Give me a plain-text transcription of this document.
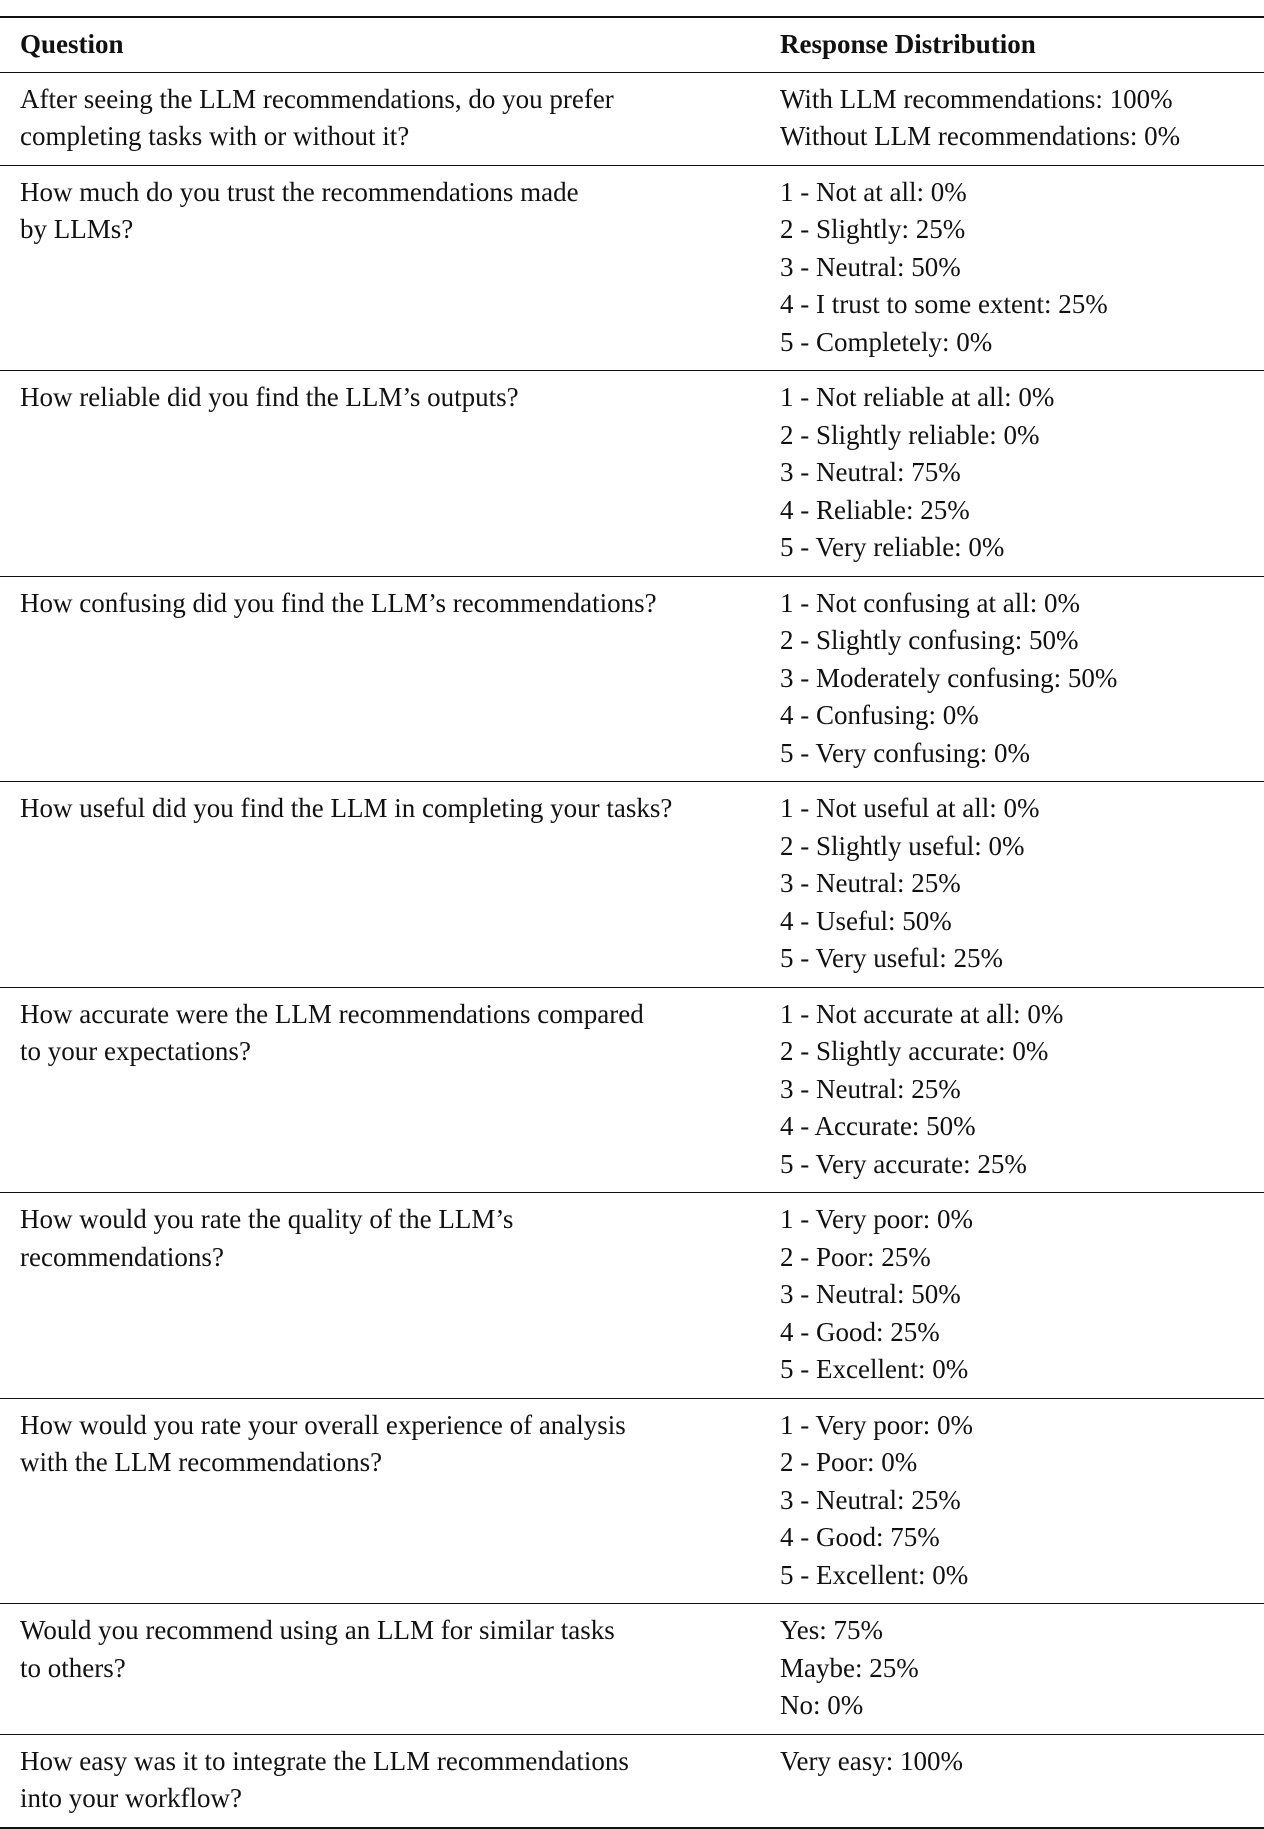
Question	Response Distribution

After seeing the LLM recommendations, do you prefer
completing tasks with or without it?	With LLM recommendations: 100%
Without LLM recommendations: 0%

How much do you trust the recommendations made
by LLMs?	1 - Not at all: 0%
2 - Slightly: 25%
3 - Neutral: 50%
4 - I trust to some extent: 25%
5 - Completely: 0%

How reliable did you find the LLM’s outputs?	1 - Not reliable at all: 0%
2 - Slightly reliable: 0%
3 - Neutral: 75%
4 - Reliable: 25%
5 - Very reliable: 0%

How confusing did you find the LLM’s recommendations?	1 - Not confusing at all: 0%
2 - Slightly confusing: 50%
3 - Moderately confusing: 50%
4 - Confusing: 0%
5 - Very confusing: 0%

How useful did you find the LLM in completing your tasks?	1 - Not useful at all: 0%
2 - Slightly useful: 0%
3 - Neutral: 25%
4 - Useful: 50%
5 - Very useful: 25%

How accurate were the LLM recommendations compared
to your expectations?	1 - Not accurate at all: 0%
2 - Slightly accurate: 0%
3 - Neutral: 25%
4 - Accurate: 50%
5 - Very accurate: 25%

How would you rate the quality of the LLM’s
recommendations?	1 - Very poor: 0%
2 - Poor: 25%
3 - Neutral: 50%
4 - Good: 25%
5 - Excellent: 0%

How would you rate your overall experience of analysis
with the LLM recommendations?	1 - Very poor: 0%
2 - Poor: 0%
3 - Neutral: 25%
4 - Good: 75%
5 - Excellent: 0%

Would you recommend using an LLM for similar tasks
to others?	Yes: 75%
Maybe: 25%
No: 0%

How easy was it to integrate the LLM recommendations
into your workflow?	Very easy: 100%
